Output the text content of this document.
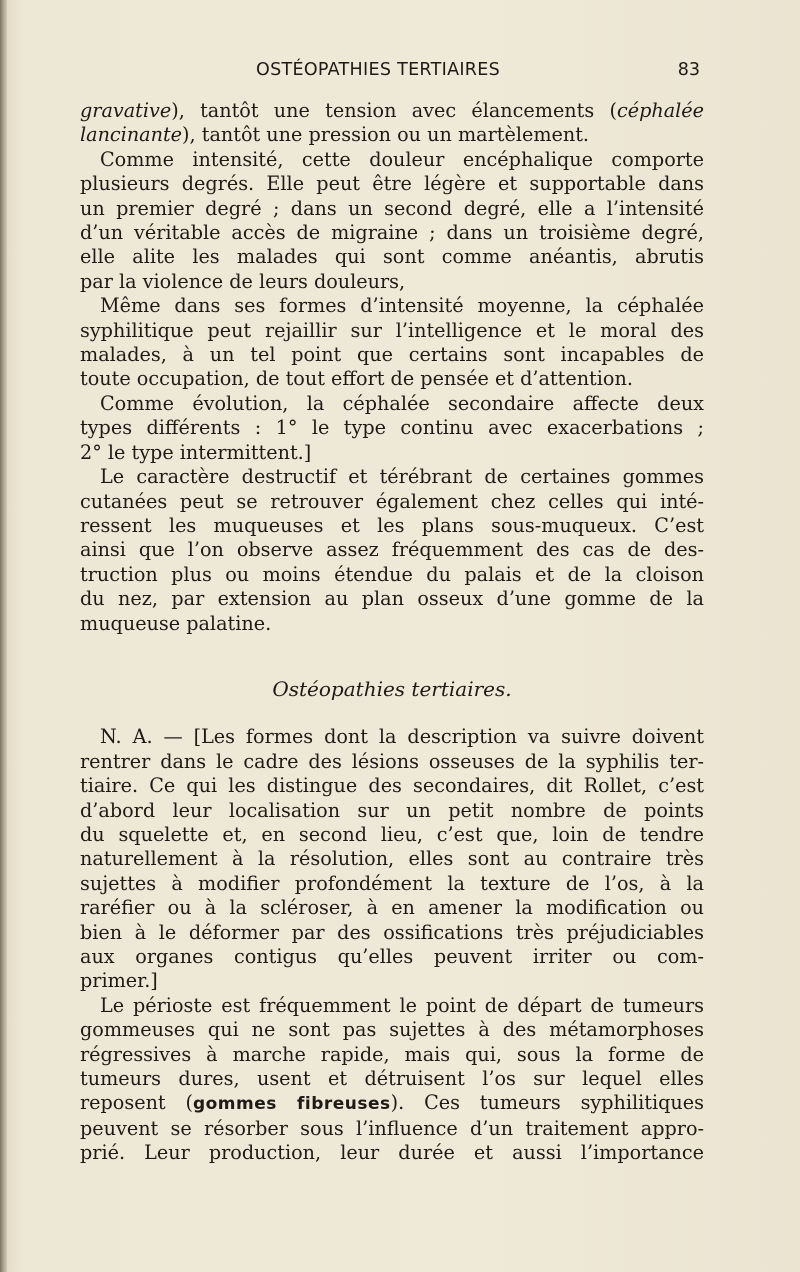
OSTÉOPATHIES TERTIAIRES	83
gravative), tantôt une tension avec élancements (céphalée
lancinante), tantôt une pression ou un martèlement.
Comme intensité, cette douleur encéphalique comporte
plusieurs degrés. Elle peut être légère et supportable dans
un premier degré ; dans un second degré, elle a l’intensité
d’un véritable accès de migraine ; dans un troisième degré,
elle alite les malades qui sont comme anéantis, abrutis
par la violence de leurs douleurs,
Même dans ses formes d’intensité moyenne, la céphalée
syphilitique peut rejaillir sur l’intelligence et le moral des
malades, à un tel point que certains sont incapables de
toute occupation, de tout effort de pensée et d’attention.
Comme évolution, la céphalée secondaire affecte deux
types différents : 1° le type continu avec exacerbations ;
2° le type intermittent.]
Le caractère destructif et térébrant de certaines gommes
cutanées peut se retrouver également chez celles qui inté-
ressent les muqueuses et les plans sous-muqueux. C’est
ainsi que l’on observe assez fréquemment des cas de des-
truction plus ou moins étendue du palais et de la cloison
du nez, par extension au plan osseux d’une gomme de la
muqueuse palatine.
Ostéopathies tertiaires.
N. A. — [Les formes dont la description va suivre doivent
rentrer dans le cadre des lésions osseuses de la syphilis ter-
tiaire. Ce qui les distingue des secondaires, dit Rollet, c’est
d’abord leur localisation sur un petit nombre de points
du squelette et, en second lieu, c’est que, loin de tendre
naturellement à la résolution, elles sont au contraire très
sujettes à modifier profondément la texture de l’os, à la
raréfier ou à la scléroser, à en amener la modification ou
bien à le déformer par des ossifications très préjudiciables
aux organes contigus qu’elles peuvent irriter ou com-
primer.]
Le périoste est fréquemment le point de départ de tumeurs
gommeuses qui ne sont pas sujettes à des métamorphoses
régressives à marche rapide, mais qui, sous la forme de
tumeurs dures, usent et détruisent l’os sur lequel elles
reposent (gommes fibreuses). Ces tumeurs syphilitiques
peuvent se résorber sous l’influence d’un traitement appro-
prié. Leur production, leur durée et aussi l’importance
